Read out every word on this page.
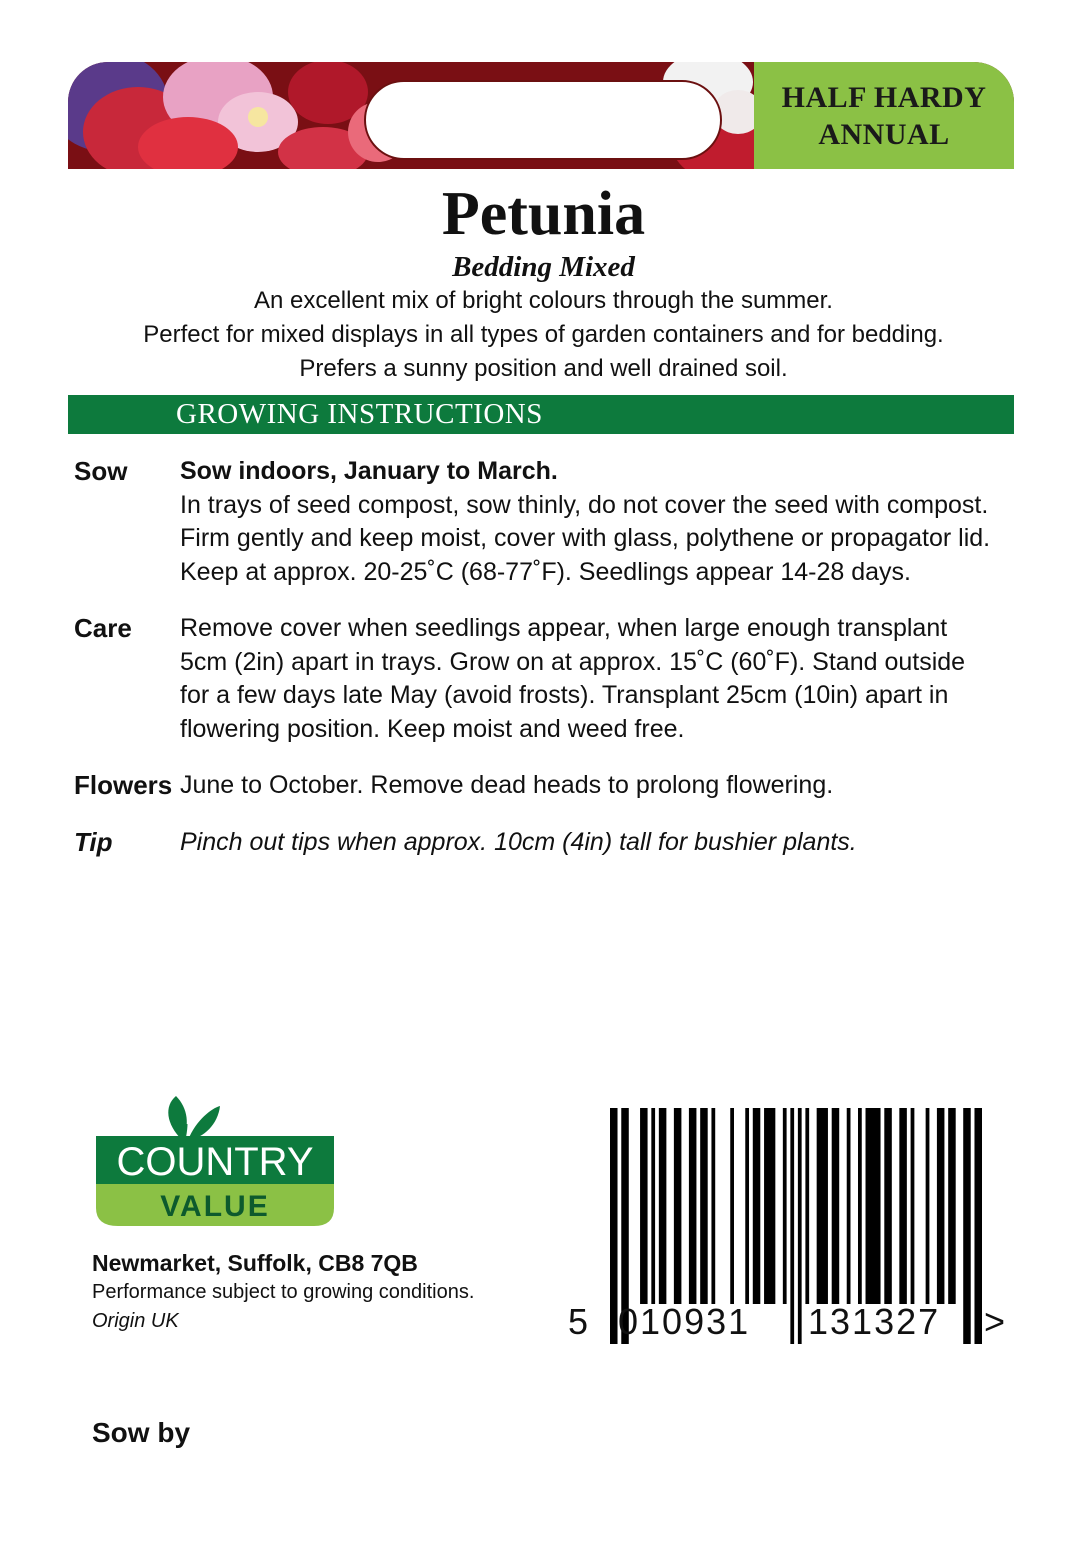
HALF HARDY
ANNUAL
Petunia
Bedding Mixed
An excellent mix of bright colours through the summer.
Perfect for mixed displays in all types of garden containers and for bedding.
Prefers a sunny position and well drained soil.
GROWING INSTRUCTIONS
Sow Sow indoors, January to March.
In trays of seed compost, sow thinly, do not cover the seed with compost.
Firm gently and keep moist, cover with glass, polythene or propagator lid.
Keep at approx. 20-25˚C (68-77˚F). Seedlings appear 14-28 days.
Care Remove cover when seedlings appear, when large enough transplant
5cm (2in) apart in trays. Grow on at approx. 15˚C (60˚F). Stand outside
for a few days late May (avoid frosts). Transplant 25cm (10in) apart in
flowering position. Keep moist and weed free.
Flowers June to October. Remove dead heads to prolong flowering.
Tip	Pinch out tips when approx. 10cm (4in) tall for bushier plants.
COUNTRY
VALUE
Newmarket, Suffolk, CB8 7QB
Performance subject to growing conditions.
Origin UK
Sow by
5 010931 131327 >
